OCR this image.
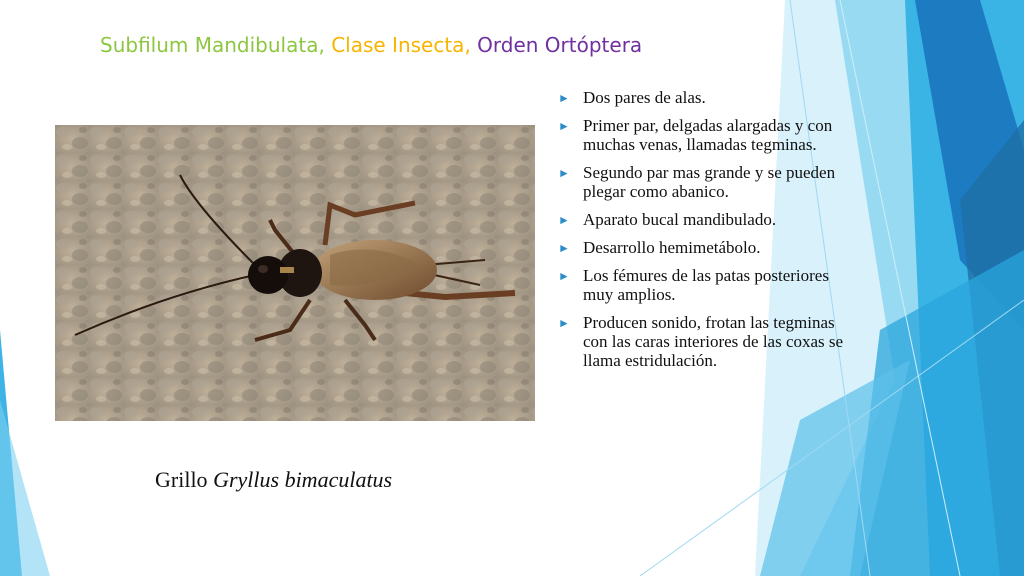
Subfilum Mandibulata, Clase Insecta, Orden Ortóptera
Grillo Gryllus bimaculatus
► Dos pares de alas.
► Primer par, delgadas alargadas y con muchas venas, llamadas tegminas.
► Segundo par mas grande y se pueden plegar como abanico.
► Aparato bucal mandibulado.
► Desarrollo hemimetábolo.
► Los fémures de las patas posteriores muy amplios.
► Producen sonido, frotan las tegminas con las caras interiores de las coxas se llama estridulación.
